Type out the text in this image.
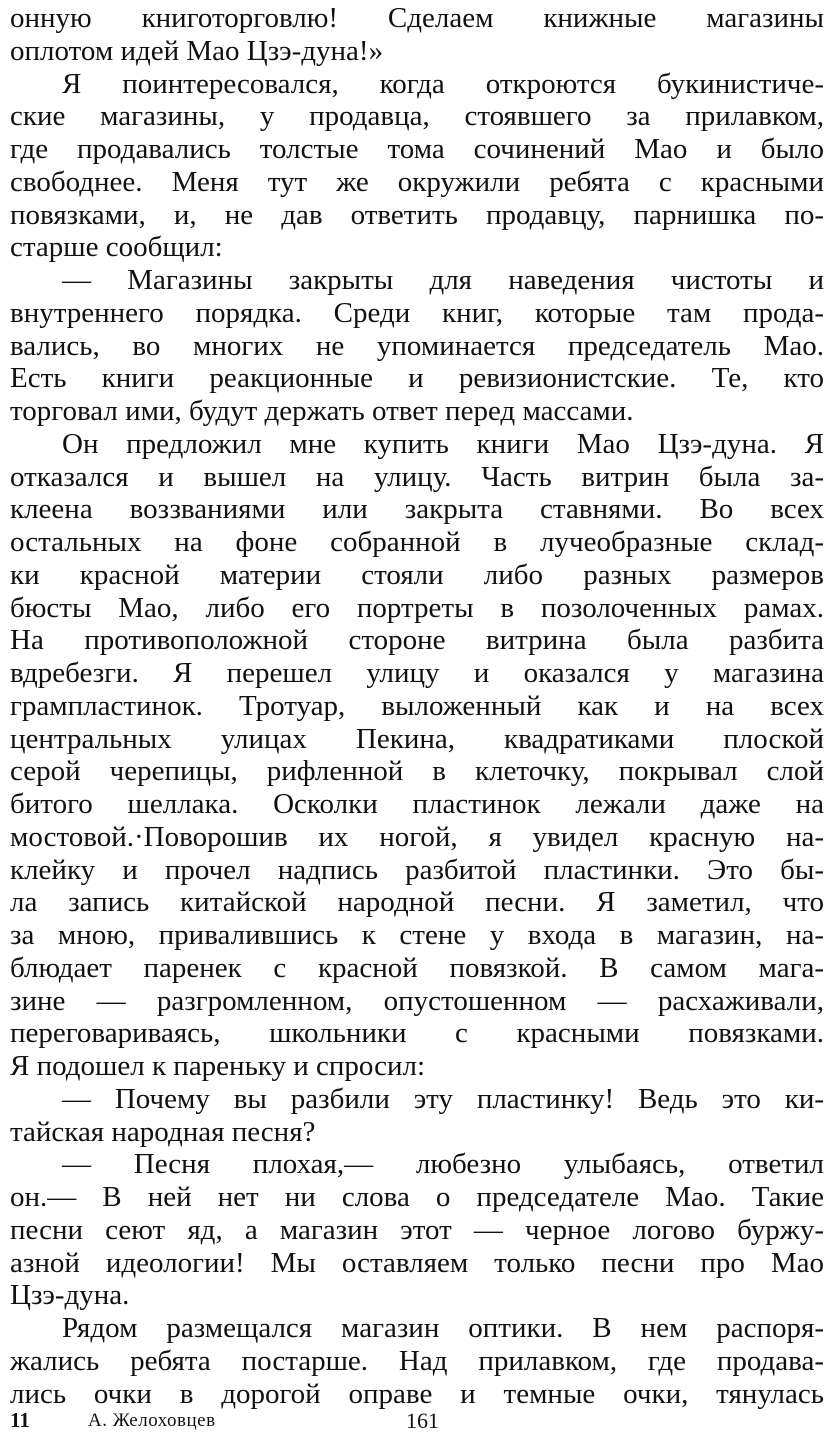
онную книготорговлю! Сделаем книжные магазины
оплотом идей Мао Цзэ-дуна!»
Я поинтересовался, когда откроются букинистиче-
ские магазины, у продавца, стоявшего за прилавком,
где продавались толстые тома сочинений Мао и было
свободнее. Меня тут же окружили ребята с красными
повязками, и, не дав ответить продавцу, парнишка по-
старше сообщил:
— Магазины закрыты для наведения чистоты и
внутреннего порядка. Среди книг, которые там прода-
вались, во многих не упоминается председатель Мао.
Есть книги реакционные и ревизионистские. Те, кто
торговал ими, будут держать ответ перед массами.
Он предложил мне купить книги Мао Цзэ-дуна. Я
отказался и вышел на улицу. Часть витрин была за-
клеена воззваниями или закрыта ставнями. Во всех
остальных на фоне собранной в лучеобразные склад-
ки красной материи стояли либо разных размеров
бюсты Мао, либо его портреты в позолоченных рамах.
На противоположной стороне витрина была разбита
вдребезги. Я перешел улицу и оказался у магазина
грампластинок. Тротуар, выложенный как и на всех
центральных улицах Пекина, квадратиками плоской
серой черепицы, рифленной в клеточку, покрывал слой
битого шеллака. Осколки пластинок лежали даже на
мостовой.·Поворошив их ногой, я увидел красную на-
клейку и прочел надпись разбитой пластинки. Это бы-
ла запись китайской народной песни. Я заметил, что
за мною, привалившись к стене у входа в магазин, на-
блюдает паренек с красной повязкой. В самом мага-
зине — разгромленном, опустошенном — расхаживали,
переговариваясь, школьники с красными повязками.
Я подошел к пареньку и спросил:
— Почему вы разбили эту пластинку! Ведь это ки-
тайская народная песня?
— Песня плохая,— любезно улыбаясь, ответил
он.— В ней нет ни слова о председателе Мао. Такие
песни сеют яд, а магазин этот — черное логово буржу-
азной идеологии! Мы оставляем только песни про Мао
Цзэ-дуна.
Рядом размещался магазин оптики. В нем распоря-
жались ребята постарше. Над прилавком, где продава-
лись очки в дорогой оправе и темные очки, тянулась
11	А. Желоховцев	161
